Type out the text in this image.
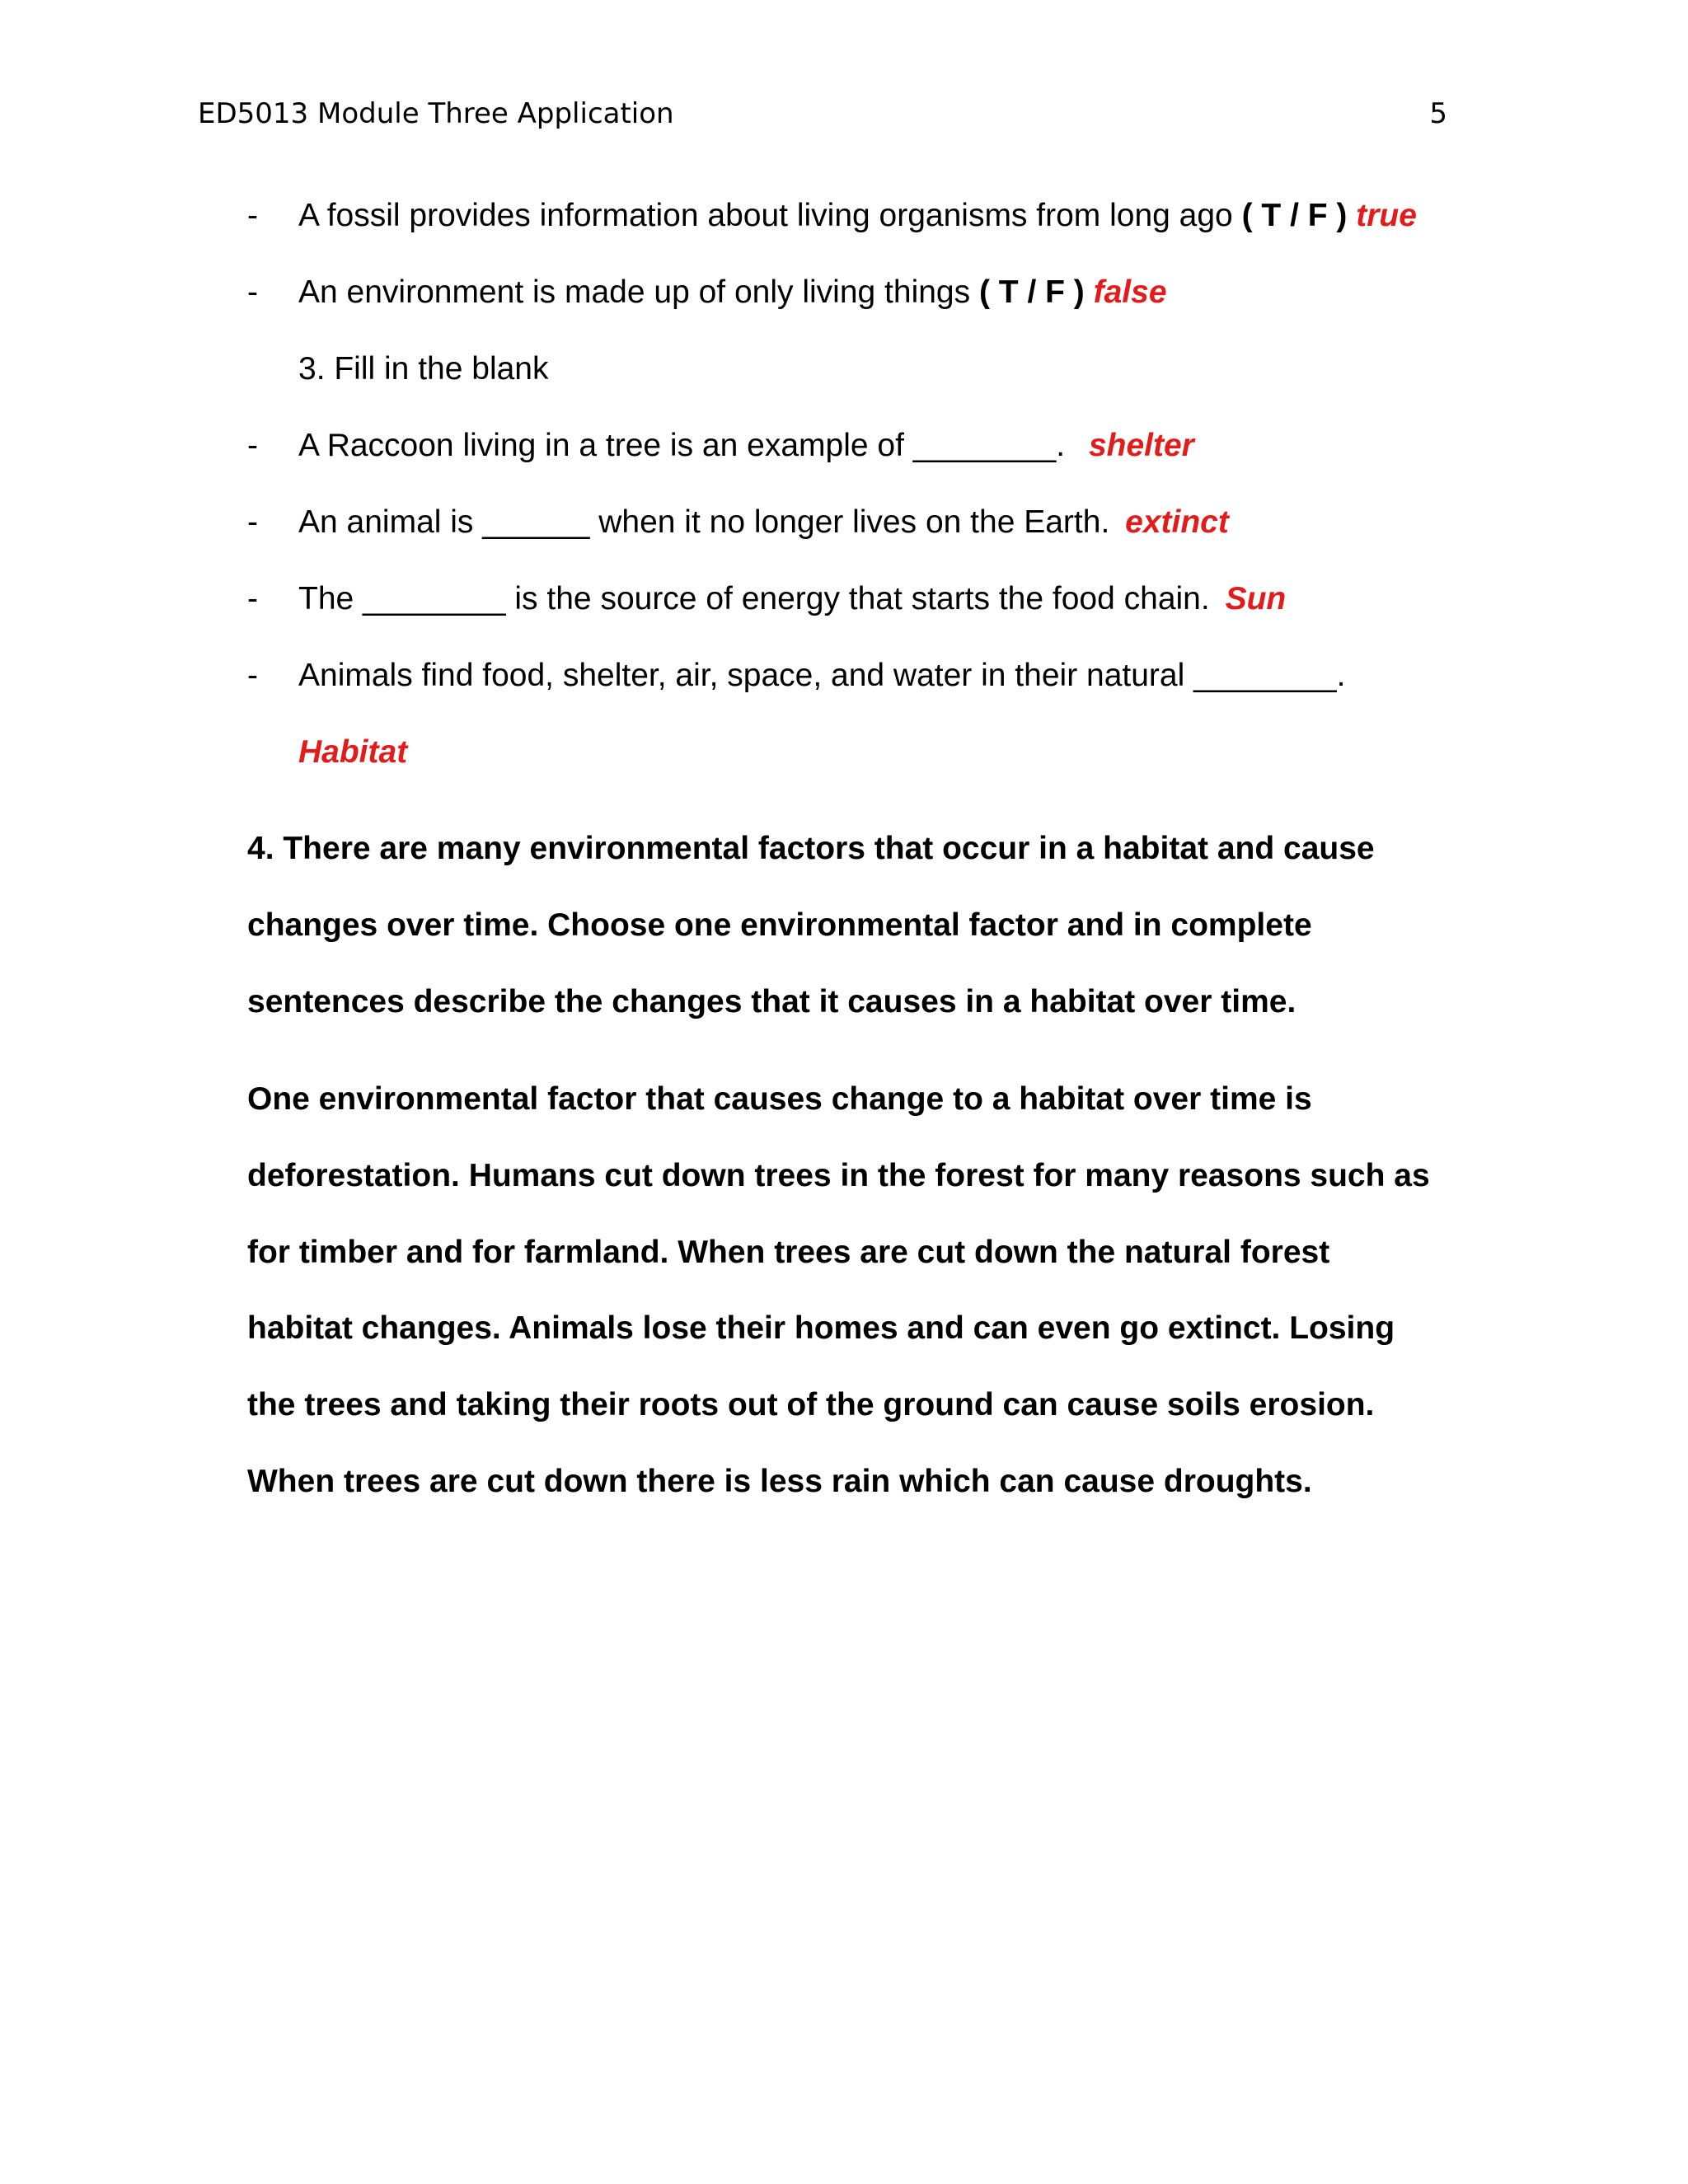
ED5013 Module Three Application	5
- A fossil provides information about living organisms from long ago ( T / F ) true
- An environment is made up of only living things ( T / F ) false
3. Fill in the blank
- A Raccoon living in a tree is an example of ________. shelter
- An animal is ______ when it no longer lives on the Earth. extinct
- The ________ is the source of energy that starts the food chain. Sun
- Animals find food, shelter, air, space, and water in their natural ________.
Habitat
4. There are many environmental factors that occur in a habitat and cause
changes over time. Choose one environmental factor and in complete
sentences describe the changes that it causes in a habitat over time.
One environmental factor that causes change to a habitat over time is
deforestation. Humans cut down trees in the forest for many reasons such as
for timber and for farmland. When trees are cut down the natural forest
habitat changes. Animals lose their homes and can even go extinct. Losing
the trees and taking their roots out of the ground can cause soils erosion.
When trees are cut down there is less rain which can cause droughts.
